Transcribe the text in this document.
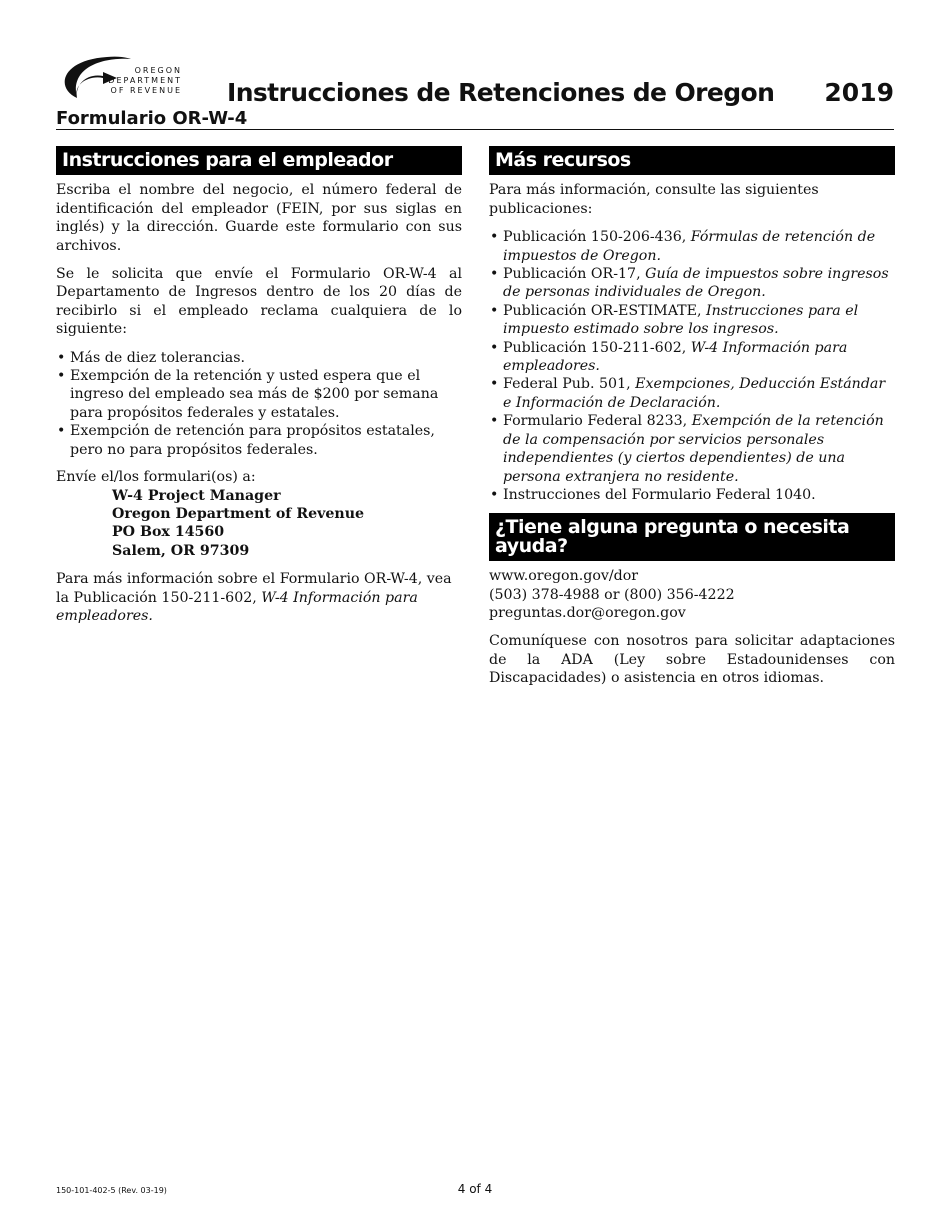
OREGON
DEPARTMENT
OF REVENUE Instrucciones de Retenciones de Oregon 2019
Formulario OR-W-4
Instrucciones para el empleador

Escriba el nombre del negocio, el número federal de identificación del empleador (FEIN, por sus siglas en inglés) y la dirección. Guarde este formulario con sus archivos.

Se le solicita que envíe el Formulario OR-W-4 al Departamento de Ingresos dentro de los 20 días de recibirlo si el empleado reclama cualquiera de lo siguiente:

• Más de diez tolerancias.
• Exempción de la retención y usted espera que el ingreso del empleado sea más de $200 por semana para propósitos federales y estatales.
• Exempción de retención para propósitos estatales, pero no para propósitos federales.
Envíe el/los formulari(os) a:
W-4 Project Manager
Oregon Department of Revenue
PO Box 14560
Salem, OR 97309

Para más información sobre el Formulario OR-W-4, vea la Publicación 150-211-602, W-4 Información para empleadores.

Más recursos

Para más información, consulte las siguientes publicaciones:

• Publicación 150-206-436, Fórmulas de retención de impuestos de Oregon.
• Publicación OR-17, Guía de impuestos sobre ingresos de personas individuales de Oregon.
• Publicación OR-ESTIMATE, Instrucciones para el impuesto estimado sobre los ingresos.
• Publicación 150-211-602, W-4 Información para empleadores.
• Federal Pub. 501, Exempciones, Deducción Estándar e Información de Declaración.
• Formulario Federal 8233, Exempción de la retención de la compensación por servicios personales independientes (y ciertos dependientes) de una persona extranjera no residente.
• Instrucciones del Formulario Federal 1040.
¿Tiene alguna pregunta o necesita ayuda?
www.oregon.gov/dor
(503) 378-4988 or (800) 356-4222
preguntas.dor@oregon.gov

Comuníquese con nosotros para solicitar adaptaciones de la ADA (Ley sobre Estadounidenses con Discapacidades) o asistencia en otros idiomas.

150-101-402-5 (Rev. 03-19)	4 of 4
